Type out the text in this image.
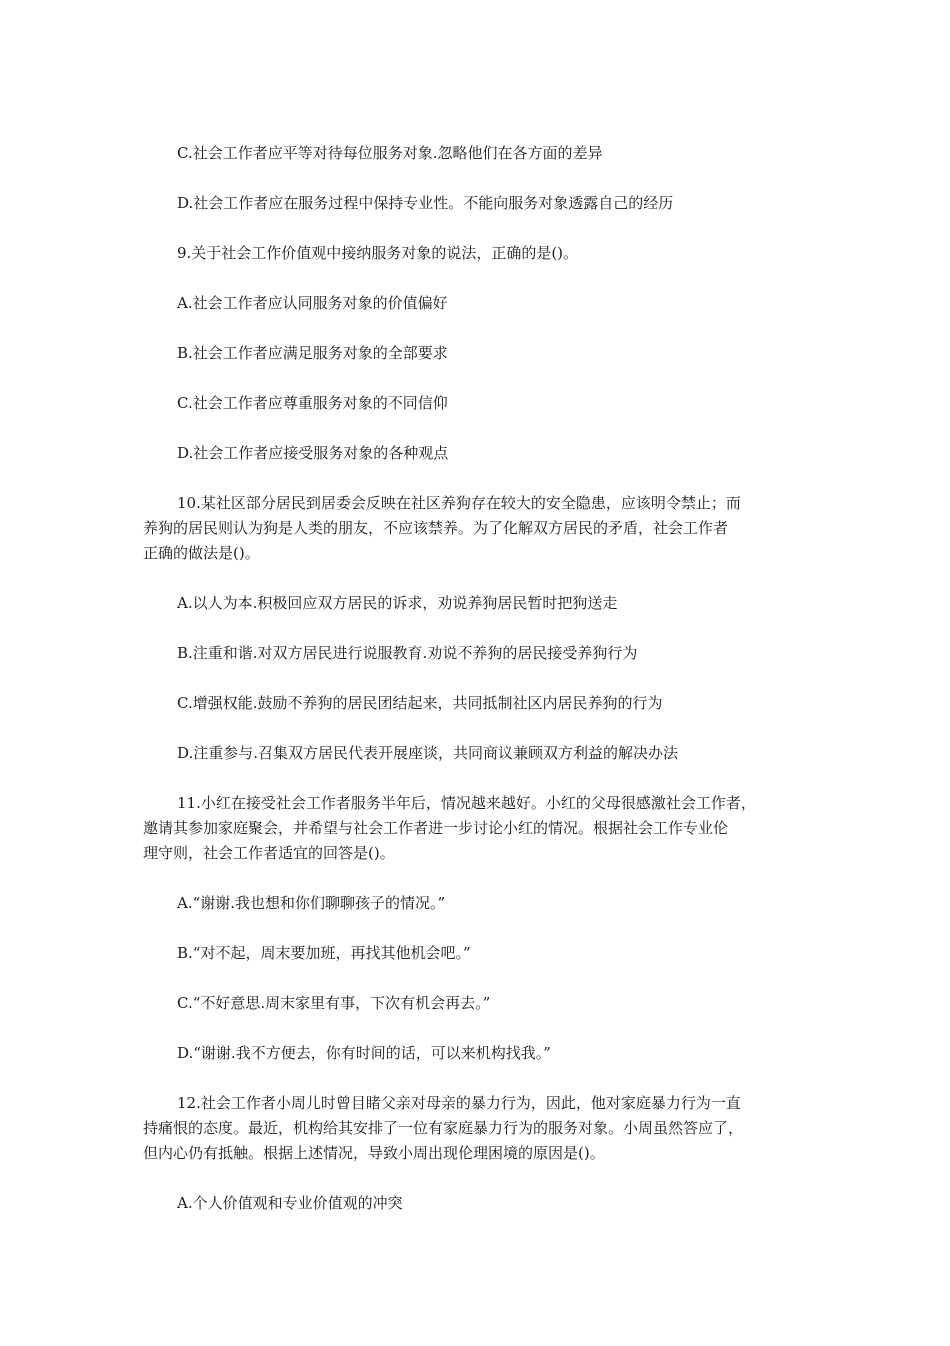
C.社会工作者应平等对待每位服务对象.忽略他们在各方面的差异
D.社会工作者应在服务过程中保持专业性。不能向服务对象透露自己的经历
9.关于社会工作价值观中接纳服务对象的说法，正确的是()。
A.社会工作者应认同服务对象的价值偏好
B.社会工作者应满足服务对象的全部要求
C.社会工作者应尊重服务对象的不同信仰
D.社会工作者应接受服务对象的各种观点
10.某社区部分居民到居委会反映在社区养狗存在较大的安全隐患，应该明令禁止；而
养狗的居民则认为狗是人类的朋友，不应该禁养。为了化解双方居民的矛盾，社会工作者
正确的做法是()。
A.以人为本.积极回应双方居民的诉求，劝说养狗居民暂时把狗送走
B.注重和谐.对双方居民进行说服教育.劝说不养狗的居民接受养狗行为
C.增强权能.鼓励不养狗的居民团结起来，共同抵制社区内居民养狗的行为
D.注重参与.召集双方居民代表开展座谈，共同商议兼顾双方利益的解决办法
11.小红在接受社会工作者服务半年后，情况越来越好。小红的父母很感激社会工作者，
邀请其参加家庭聚会，并希望与社会工作者进一步讨论小红的情况。根据社会工作专业伦
理守则，社会工作者适宜的回答是()。
A.“谢谢.我也想和你们聊聊孩子的情况。”
B.“对不起，周末要加班，再找其他机会吧。”
C.“不好意思.周末家里有事，下次有机会再去。”
D.“谢谢.我不方便去，你有时间的话，可以来机构找我。”
12.社会工作者小周儿时曾目睹父亲对母亲的暴力行为，因此，他对家庭暴力行为一直
持痛恨的态度。最近，机构给其安排了一位有家庭暴力行为的服务对象。小周虽然答应了，
但内心仍有抵触。根据上述情况，导致小周出现伦理困境的原因是()。
A.个人价值观和专业价值观的冲突
